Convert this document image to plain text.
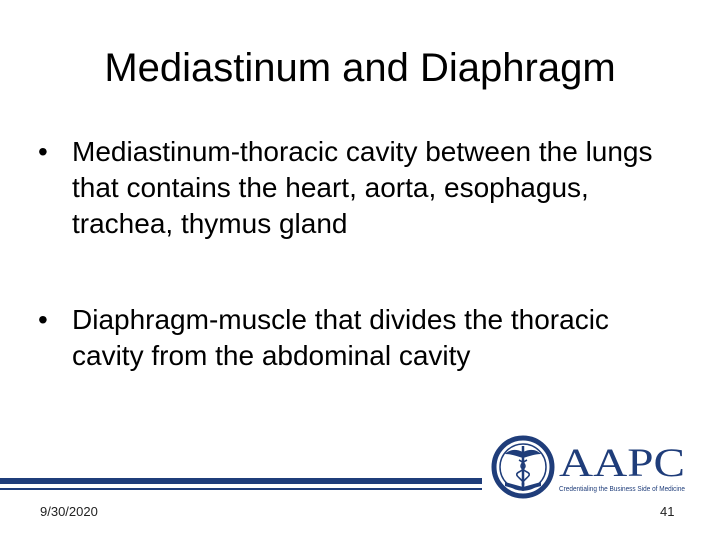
Mediastinum and Diaphragm
• Mediastinum-thoracic cavity between the lungs that contains the heart, aorta, esophagus, trachea, thymus gland
• Diaphragm-muscle that divides the thoracic cavity from the abdominal cavity
9/30/2020	41
AAPC
Credentialing the Business Side of Medicine
